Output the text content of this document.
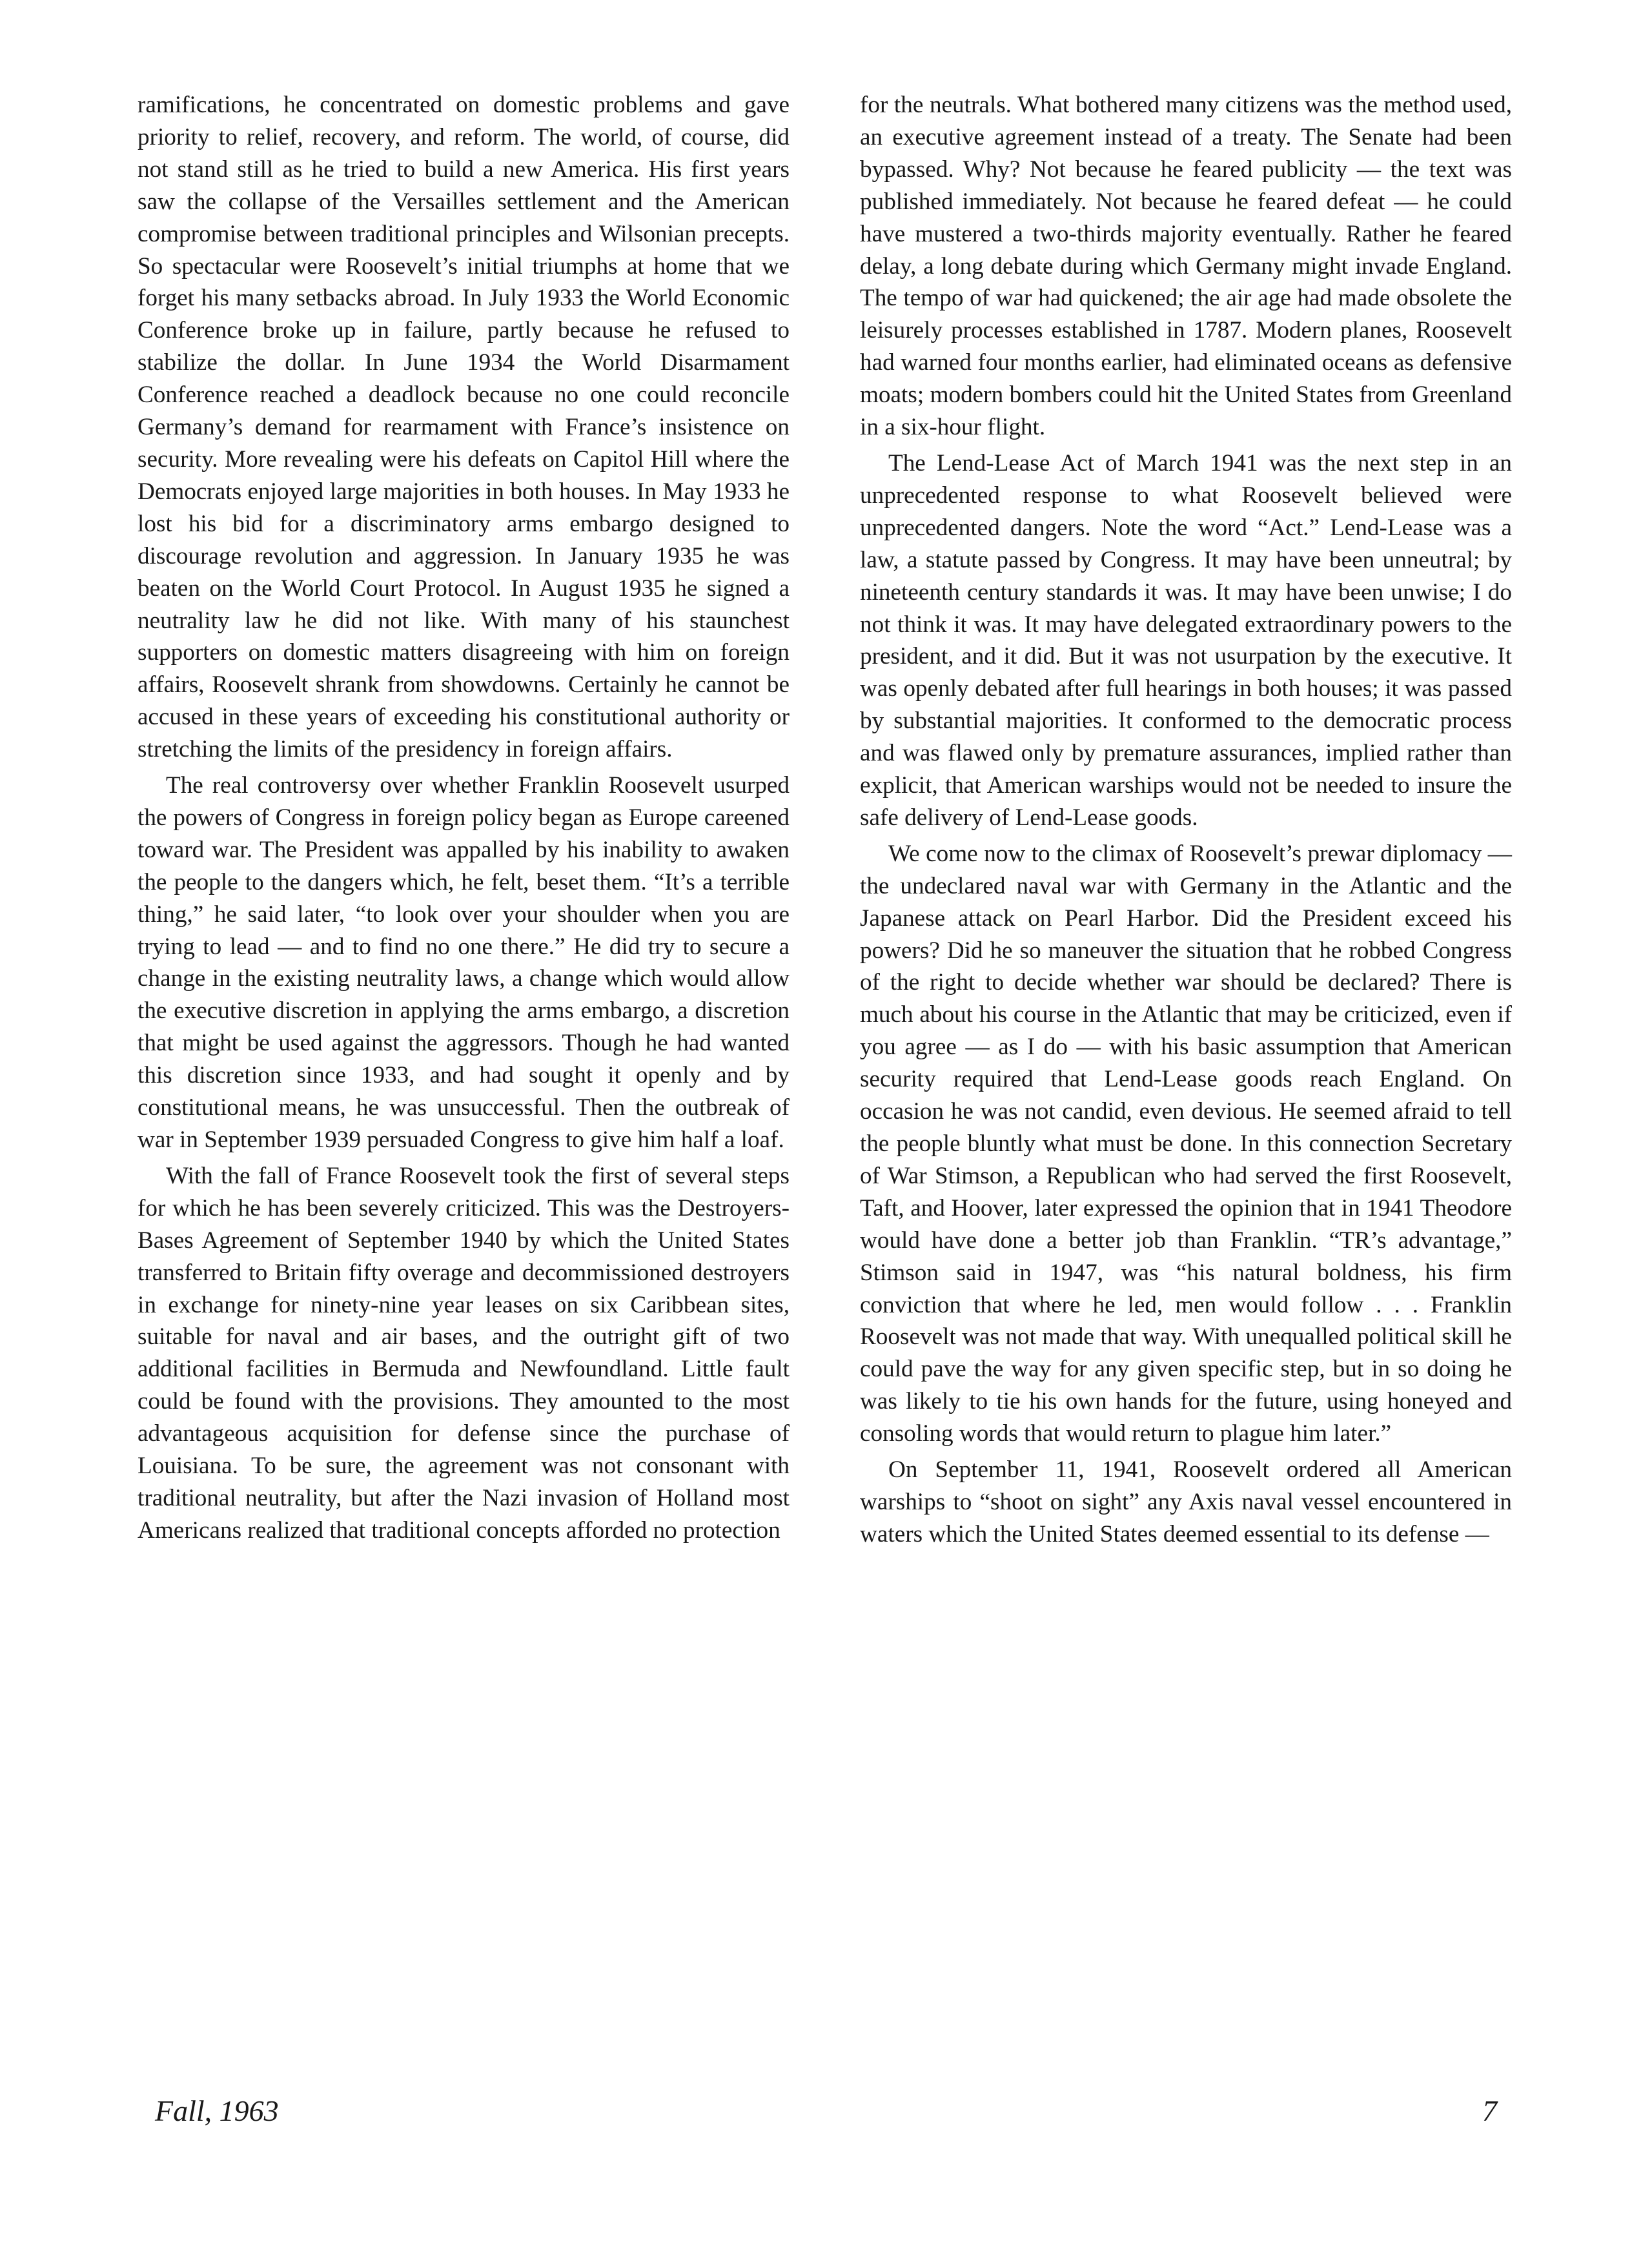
ramifications, he concentrated on domestic problems and gave priority to relief, recovery, and reform. The world, of course, did not stand still as he tried to build a new America. His first years saw the collapse of the Versailles settlement and the American compromise between traditional principles and Wilsonian precepts. So spectacular were Roosevelt’s initial triumphs at home that we forget his many setbacks abroad. In July 1933 the World Economic Conference broke up in failure, partly because he refused to stabilize the dollar. In June 1934 the World Disarmament Conference reached a deadlock because no one could reconcile Germany’s demand for rearmament with France’s insistence on security. More revealing were his defeats on Capitol Hill where the Democrats enjoyed large majorities in both houses. In May 1933 he lost his bid for a discriminatory arms embargo designed to discourage revolution and aggression. In January 1935 he was beaten on the World Court Protocol. In August 1935 he signed a neutrality law he did not like. With many of his staunchest supporters on domestic matters disagreeing with him on foreign affairs, Roosevelt shrank from showdowns. Certainly he cannot be accused in these years of exceeding his constitutional authority or stretching the limits of the presidency in foreign affairs.

The real controversy over whether Franklin Roosevelt usurped the powers of Congress in foreign policy began as Europe careened toward war. The President was appalled by his inability to awaken the people to the dangers which, he felt, beset them. “It’s a terrible thing,” he said later, “to look over your shoulder when you are trying to lead — and to find no one there.” He did try to secure a change in the existing neutrality laws, a change which would allow the executive discretion in applying the arms embargo, a discretion that might be used against the aggressors. Though he had wanted this discretion since 1933, and had sought it openly and by constitutional means, he was unsuccessful. Then the outbreak of war in September 1939 persuaded Congress to give him half a loaf.

With the fall of France Roosevelt took the first of several steps for which he has been severely criticized. This was the Destroyers-Bases Agreement of September 1940 by which the United States transferred to Britain fifty overage and decommissioned destroyers in exchange for ninety-nine year leases on six Caribbean sites, suitable for naval and air bases, and the outright gift of two additional facilities in Bermuda and Newfoundland. Little fault could be found with the provisions. They amounted to the most advantageous acquisition for defense since the purchase of Louisiana. To be sure, the agreement was not consonant with traditional neutrality, but after the Nazi invasion of Holland most Americans realized that traditional concepts afforded no protection

for the neutrals. What bothered many citizens was the method used, an executive agreement instead of a treaty. The Senate had been bypassed. Why? Not because he feared publicity — the text was published immediately. Not because he feared defeat — he could have mustered a two-thirds majority eventually. Rather he feared delay, a long debate during which Germany might invade England. The tempo of war had quickened; the air age had made obsolete the leisurely processes established in 1787. Modern planes, Roosevelt had warned four months earlier, had eliminated oceans as defensive moats; modern bombers could hit the United States from Greenland in a six-hour flight.

The Lend-Lease Act of March 1941 was the next step in an unprecedented response to what Roosevelt believed were unprecedented dangers. Note the word “Act.” Lend-Lease was a law, a statute passed by Congress. It may have been unneutral; by nineteenth century standards it was. It may have been unwise; I do not think it was. It may have delegated extraordinary powers to the president, and it did. But it was not usurpation by the executive. It was openly debated after full hearings in both houses; it was passed by substantial majorities. It conformed to the democratic process and was flawed only by premature assurances, implied rather than explicit, that American warships would not be needed to insure the safe delivery of Lend-Lease goods.

We come now to the climax of Roosevelt’s prewar diplomacy — the undeclared naval war with Germany in the Atlantic and the Japanese attack on Pearl Harbor. Did the President exceed his powers? Did he so maneuver the situation that he robbed Congress of the right to decide whether war should be declared? There is much about his course in the Atlantic that may be criticized, even if you agree — as I do — with his basic assumption that American security required that Lend-Lease goods reach England. On occasion he was not candid, even devious. He seemed afraid to tell the people bluntly what must be done. In this connection Secretary of War Stimson, a Republican who had served the first Roosevelt, Taft, and Hoover, later expressed the opinion that in 1941 Theodore would have done a better job than Franklin. “TR’s advantage,” Stimson said in 1947, was “his natural boldness, his firm conviction that where he led, men would follow . . . Franklin Roosevelt was not made that way. With unequalled political skill he could pave the way for any given specific step, but in so doing he was likely to tie his own hands for the future, using honeyed and consoling words that would return to plague him later.”

On September 11, 1941, Roosevelt ordered all American warships to “shoot on sight” any Axis naval vessel encountered in waters which the United States deemed essential to its defense —

Fall, 1963	7
